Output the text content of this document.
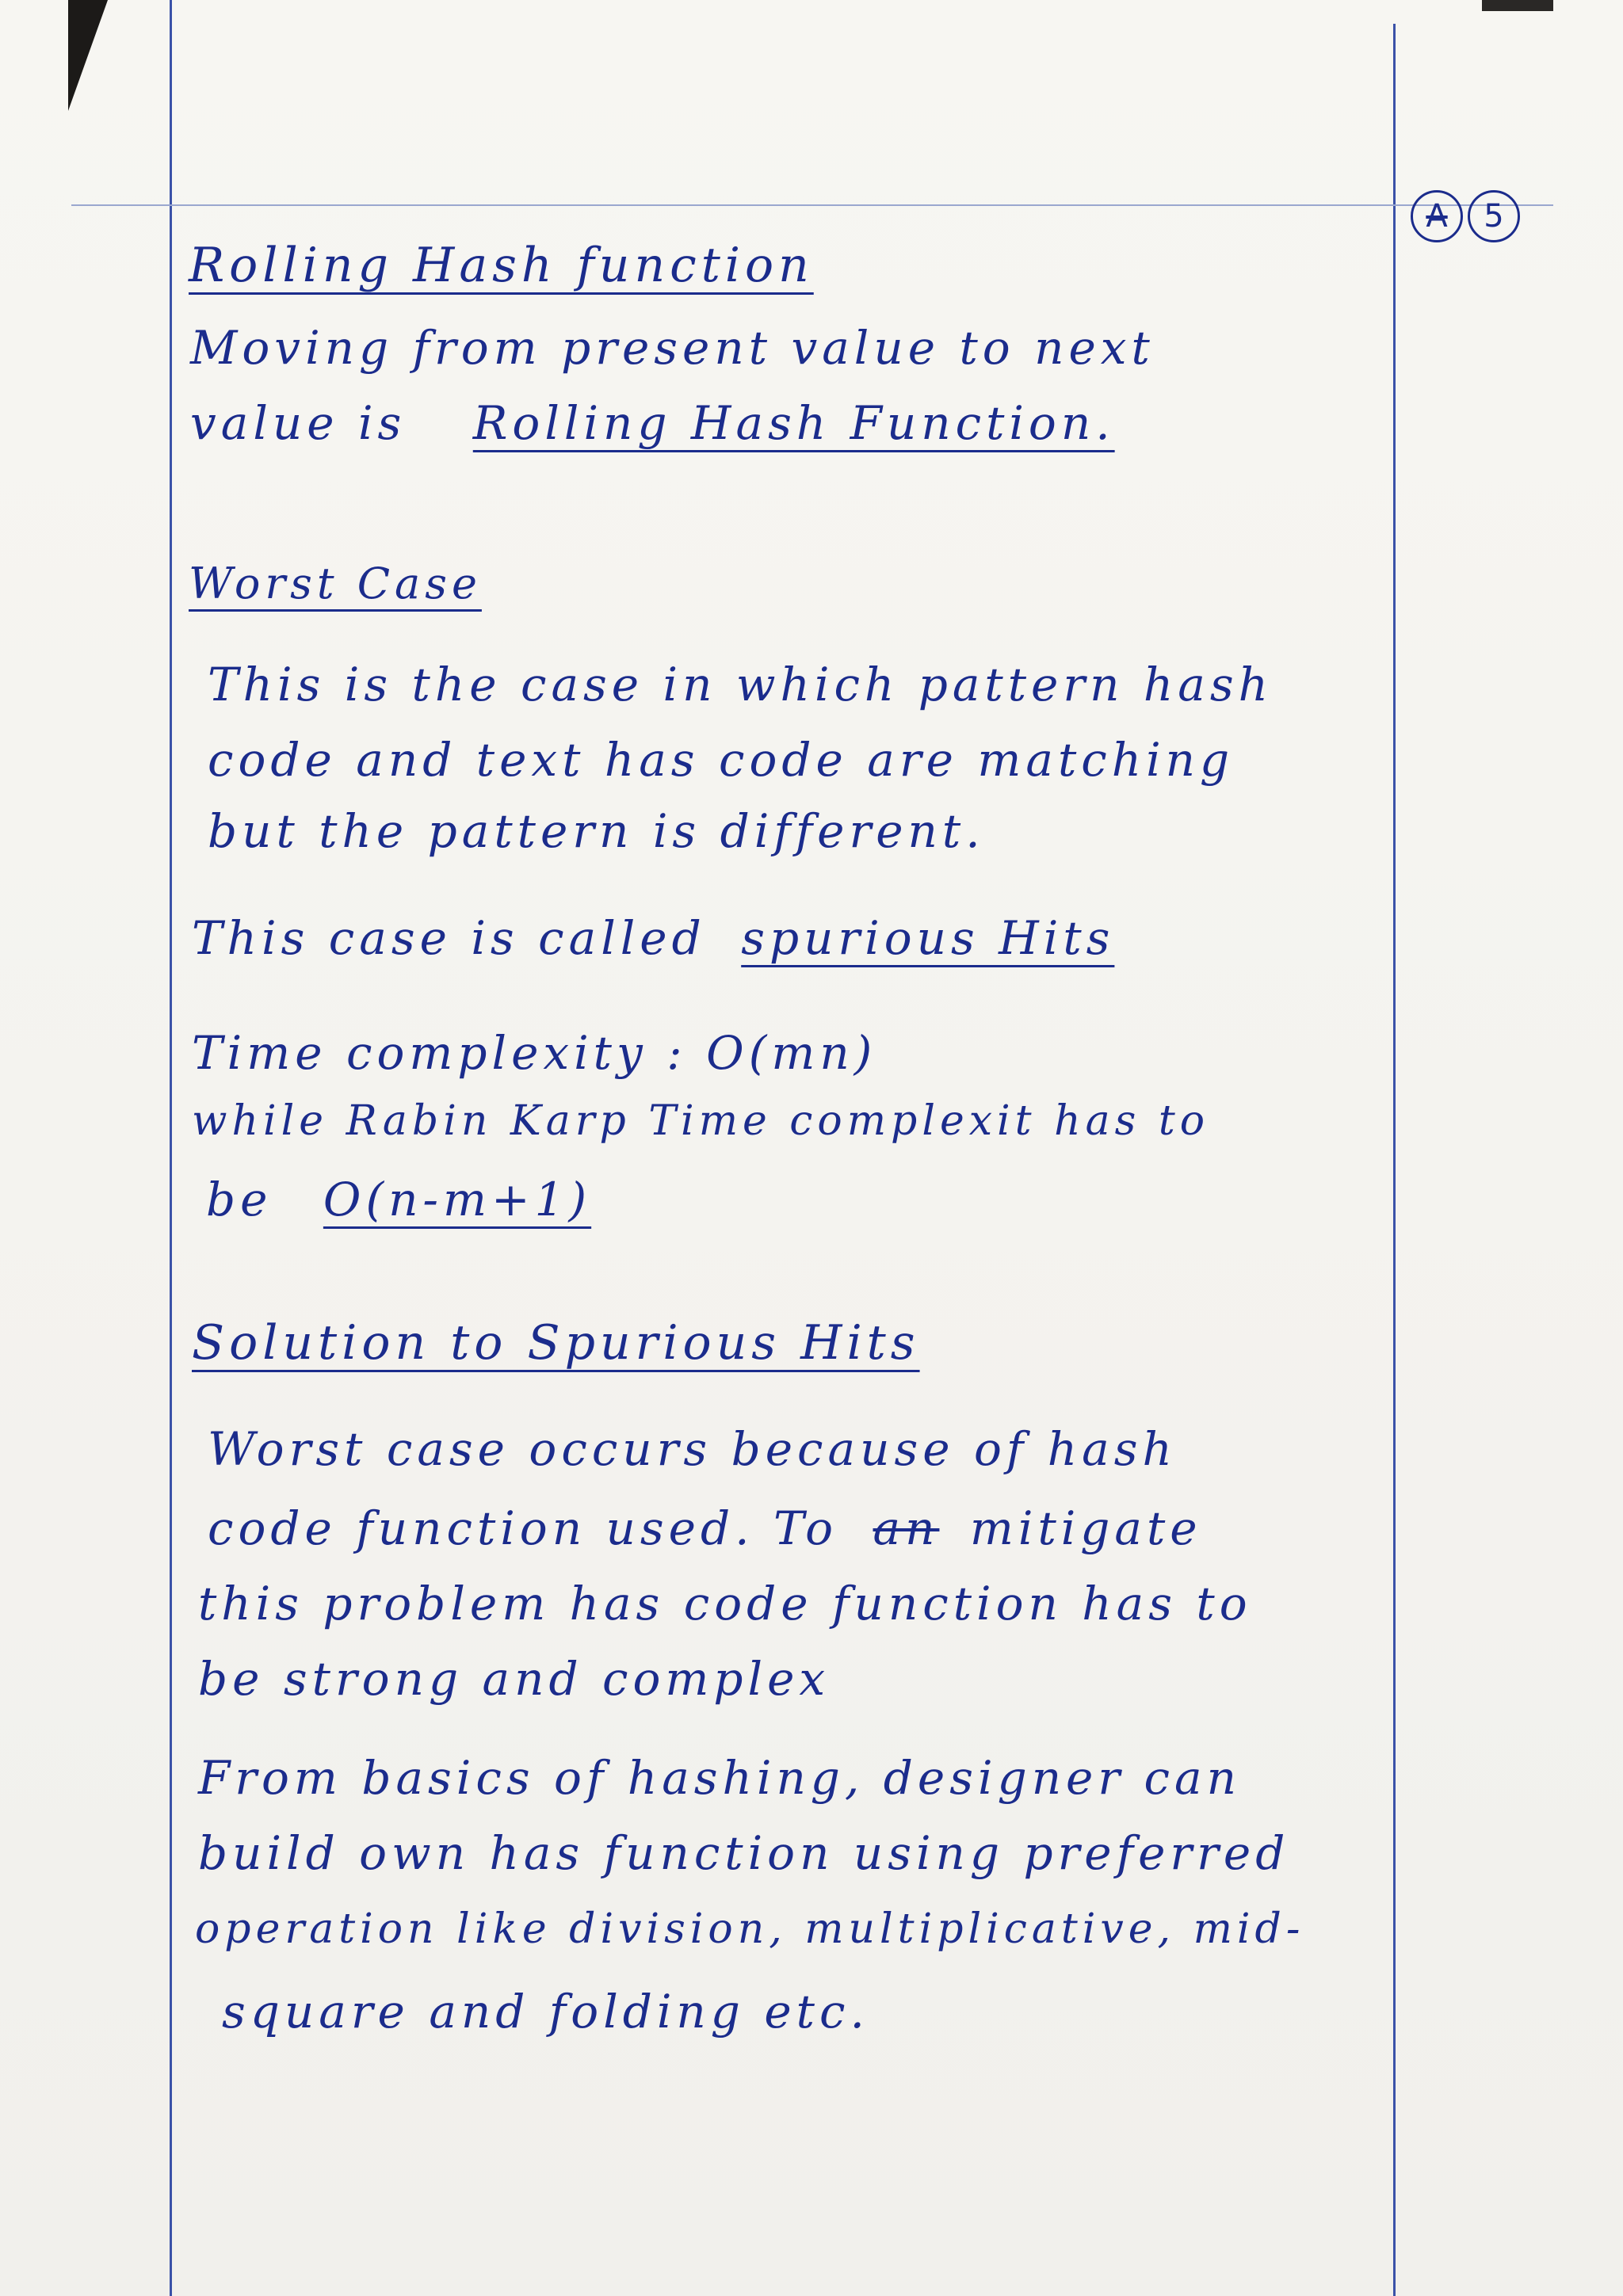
A	5

Rolling Hash function

Moving from present value to next

value is Rolling Hash Function.

Worst Case

This is the case in which pattern hash

code and text has code are matching

but the pattern is different.

This case is called spurious Hits

Time complexity : O(mn)

while Rabin Karp Time complexit has to

be O(n-m+1)

Solution to Spurious Hits

Worst case occurs because of hash

code function used. To an mitigate

this problem has code function has to

be strong and complex

From basics of hashing, designer can

build own has function using preferred

operation like division, multiplicative, mid-

square and folding etc.
